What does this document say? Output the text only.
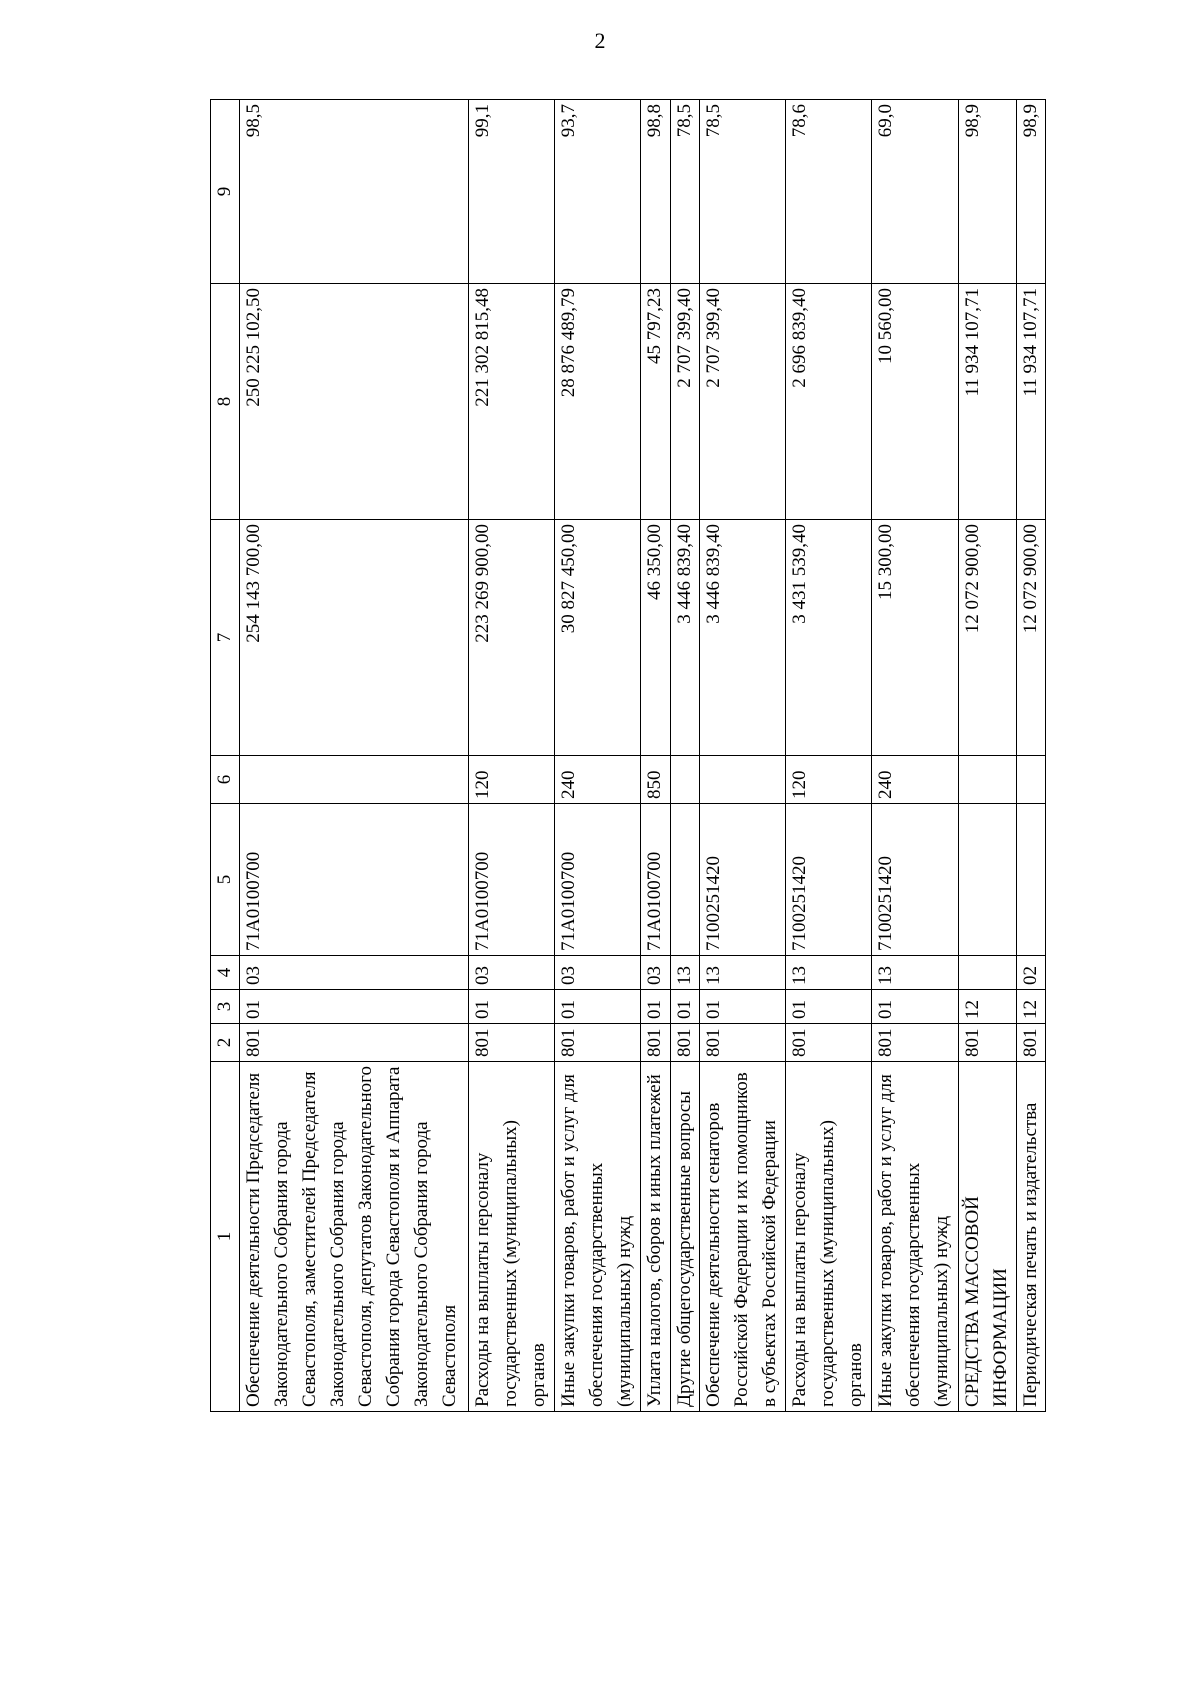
2
1	2	3	4	5	6	7	8	9
Обеспечение деятельности Председателя Законодательного Собрания города Севастополя, заместителей Председателя Законодательного Собрания города Севастополя, депутатов Законодательного Собрания города Севастополя и Аппарата Законодательного Собрания города Севастополя	801	01	03	71А0100700		254 143 700,00	250 225 102,50	98,5
Расходы на выплаты персоналу государственных (муниципальных) органов	801	01	03	71А0100700	120	223 269 900,00	221 302 815,48	99,1
Иные закупки товаров, работ и услуг для обеспечения государственных (муниципальных) нужд	801	01	03	71А0100700	240	30 827 450,00	28 876 489,79	93,7
Уплата налогов, сборов и иных платежей	801	01	03	71А0100700	850	46 350,00	45 797,23	98,8
Другие общегосударственные вопросы	801	01	13			3 446 839,40	2 707 399,40	78,5
Обеспечение деятельности сенаторов Российской Федерации и их помощников в субъектах Российской Федерации	801	01	13	7100251420		3 446 839,40	2 707 399,40	78,5
Расходы на выплаты персоналу государственных (муниципальных) органов	801	01	13	7100251420	120	3 431 539,40	2 696 839,40	78,6
Иные закупки товаров, работ и услуг для обеспечения государственных (муниципальных) нужд	801	01	13	7100251420	240	15 300,00	10 560,00	69,0
СРЕДСТВА МАССОВОЙ ИНФОРМАЦИИ	801	12				12 072 900,00	11 934 107,71	98,9
Периодическая печать и издательства	801	12	02			12 072 900,00	11 934 107,71	98,9
